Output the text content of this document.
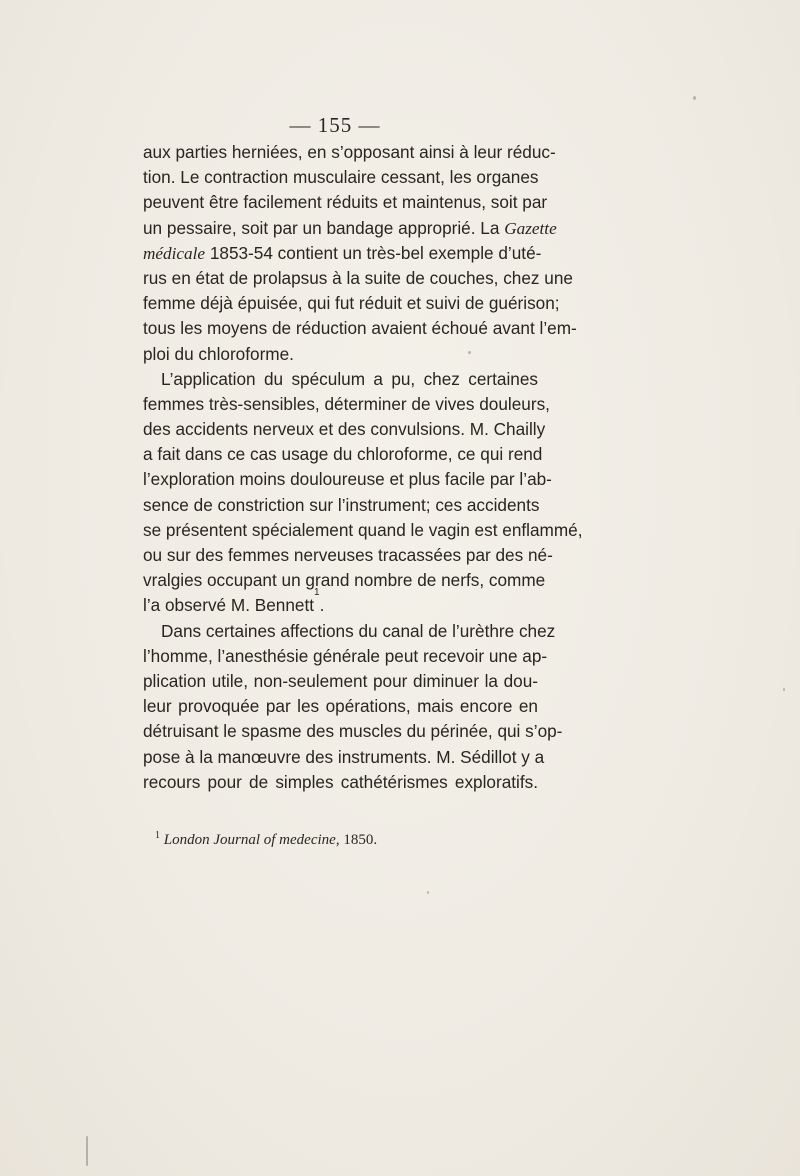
— 155 —
aux parties herniées, en s’opposant ainsi à leur réduc-
tion. Le contraction musculaire cessant, les organes
peuvent être facilement réduits et maintenus, soit par
un pessaire, soit par un bandage approprié. La Gazette
médicale 1853-54 contient un très-bel exemple d’uté-
rus en état de prolapsus à la suite de couches, chez une
femme déjà épuisée, qui fut réduit et suivi de guérison;
tous les moyens de réduction avaient échoué avant l’em-
ploi du chloroforme.
L’application du spéculum a pu, chez certaines
femmes très-sensibles, déterminer de vives douleurs,
des accidents nerveux et des convulsions. M. Chailly
a fait dans ce cas usage du chloroforme, ce qui rend
l’exploration moins douloureuse et plus facile par l’ab-
sence de constriction sur l’instrument; ces accidents
se présentent spécialement quand le vagin est enflammé,
ou sur des femmes nerveuses tracassées par des né-
vralgies occupant un grand nombre de nerfs, comme
l’a observé M. Bennett
1
.
Dans certaines affections du canal de l’urèthre chez
l’homme, l’anesthésie générale peut recevoir une ap-
plication utile, non-seulement pour diminuer la dou-
leur provoquée par les opérations, mais encore en
détruisant le spasme des muscles du périnée, qui s’op-
pose à la manœuvre des instruments. M. Sédillot y a
recours pour de simples cathétérismes exploratifs.
$^1$ London Journal of medecine, 1850.
